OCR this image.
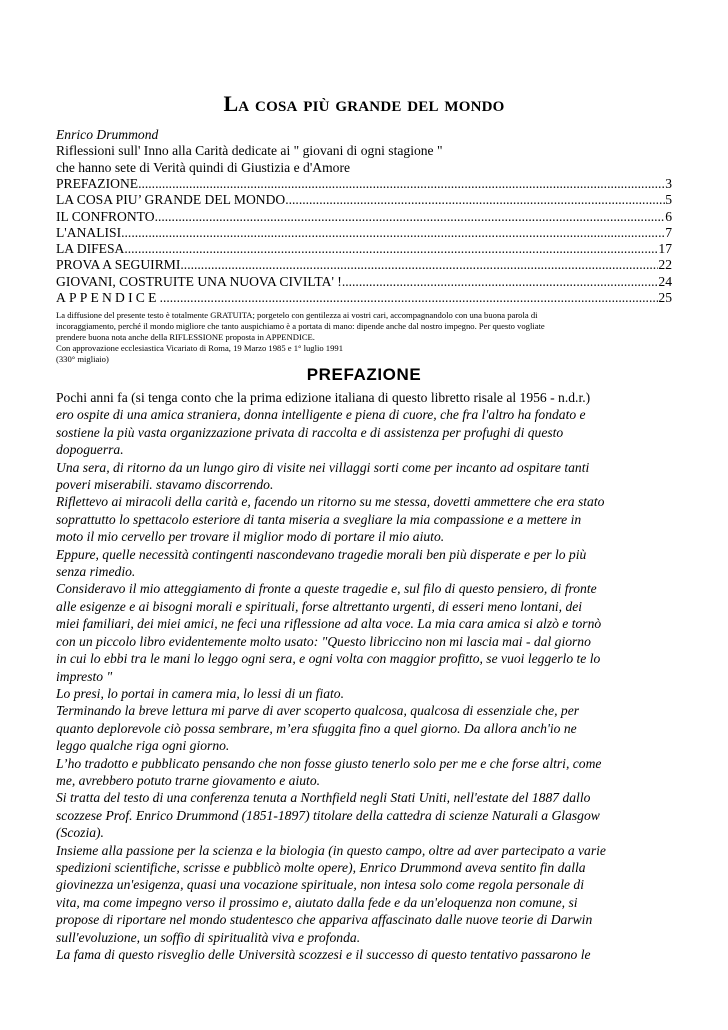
La cosa più grande del mondo
Enrico Drummond
Riflessioni sull' Inno alla Carità dedicate ai " giovani di ogni stagione "
che hanno sete di Verità quindi di Giustizia e d'Amore
PREFAZIONE .....	3
LA COSA PIU’ GRANDE DEL MONDO .....	5
IL CONFRONTO .....	6
L'ANALISI .....	7
LA DIFESA .....	17
PROVA A SEGUIRMI .....	22
GIOVANI, COSTRUITE UNA NUOVA CIVILTA' ! .....	24
APPENDICE .....	25
La diffusione del presente testo è totalmente GRATUITA; porgetelo con gentilezza ai vostri cari, accompagnandolo con una buona parola di
incoraggiamento, perché il mondo migliore che tanto auspichiamo è a portata di mano: dipende anche dal nostro impegno. Per questo vogliate
prendere buona nota anche della RIFLESSIONE proposta in APPENDICE.
Con approvazione ecclesiastica Vicariato di Roma, 19 Marzo 1985 e 1° luglio 1991
(330° migliaio)
PREFAZIONE
Pochi anni fa (si tenga conto che la prima edizione italiana di questo libretto risale al 1956 - n.d.r.)
ero ospite di una amica straniera, donna intelligente e piena di cuore, che fra l'altro ha fondato e
sostiene la più vasta organizzazione privata di raccolta e di assistenza per profughi di questo
dopoguerra.
Una sera, di ritorno da un lungo giro di visite nei villaggi sorti come per incanto ad ospitare tanti
poveri miserabili. stavamo discorrendo.
Riflettevo ai miracoli della carità e, facendo un ritorno su me stessa, dovetti ammettere che era stato
soprattutto lo spettacolo esteriore di tanta miseria a svegliare la mia compassione e a mettere in
moto il mio cervello per trovare il miglior modo di portare il mio aiuto.
Eppure, quelle necessità contingenti nascondevano tragedie morali ben più disperate e per lo più
senza rimedio.
Consideravo il mio atteggiamento di fronte a queste tragedie e, sul filo di questo pensiero, di fronte
alle esigenze e ai bisogni morali e spirituali, forse altrettanto urgenti, di esseri meno lontani, dei
miei familiari, dei miei amici, ne feci una riflessione ad alta voce. La mia cara amica si alzò e tornò
con un piccolo libro evidentemente molto usato: "Questo libriccino non mi lascia mai - dal giorno
in cui lo ebbi tra le mani lo leggo ogni sera, e ogni volta con maggior profitto, se vuoi leggerlo te lo
impresto "
Lo presi, lo portai in camera mia, lo lessi di un fiato.
Terminando la breve lettura mi parve di aver scoperto qualcosa, qualcosa di essenziale che, per
quanto deplorevole ciò possa sembrare, m’era sfuggita fino a quel giorno. Da allora anch'io ne
leggo qualche riga ogni giorno.
L’ho tradotto e pubblicato pensando che non fosse giusto tenerlo solo per me e che forse altri, come
me, avrebbero potuto trarne giovamento e aiuto.
Si tratta del testo di una conferenza tenuta a Northfield negli Stati Uniti, nell'estate del 1887 dallo
scozzese Prof. Enrico Drummond (1851-1897) titolare della cattedra di scienze Naturali a Glasgow
(Scozia).
Insieme alla passione per la scienza e la biologia (in questo campo, oltre ad aver partecipato a varie
spedizioni scientifiche, scrisse e pubblicò molte opere), Enrico Drummond aveva sentito fin dalla
giovinezza un'esigenza, quasi una vocazione spirituale, non intesa solo come regola personale di
vita, ma come impegno verso il prossimo e, aiutato dalla fede e da un'eloquenza non comune, si
propose di riportare nel mondo studentesco che appariva affascinato dalle nuove teorie di Darwin
sull'evoluzione, un soffio di spiritualità viva e profonda.
La fama di questo risveglio delle Università scozzesi e il successo di questo tentativo passarono le
